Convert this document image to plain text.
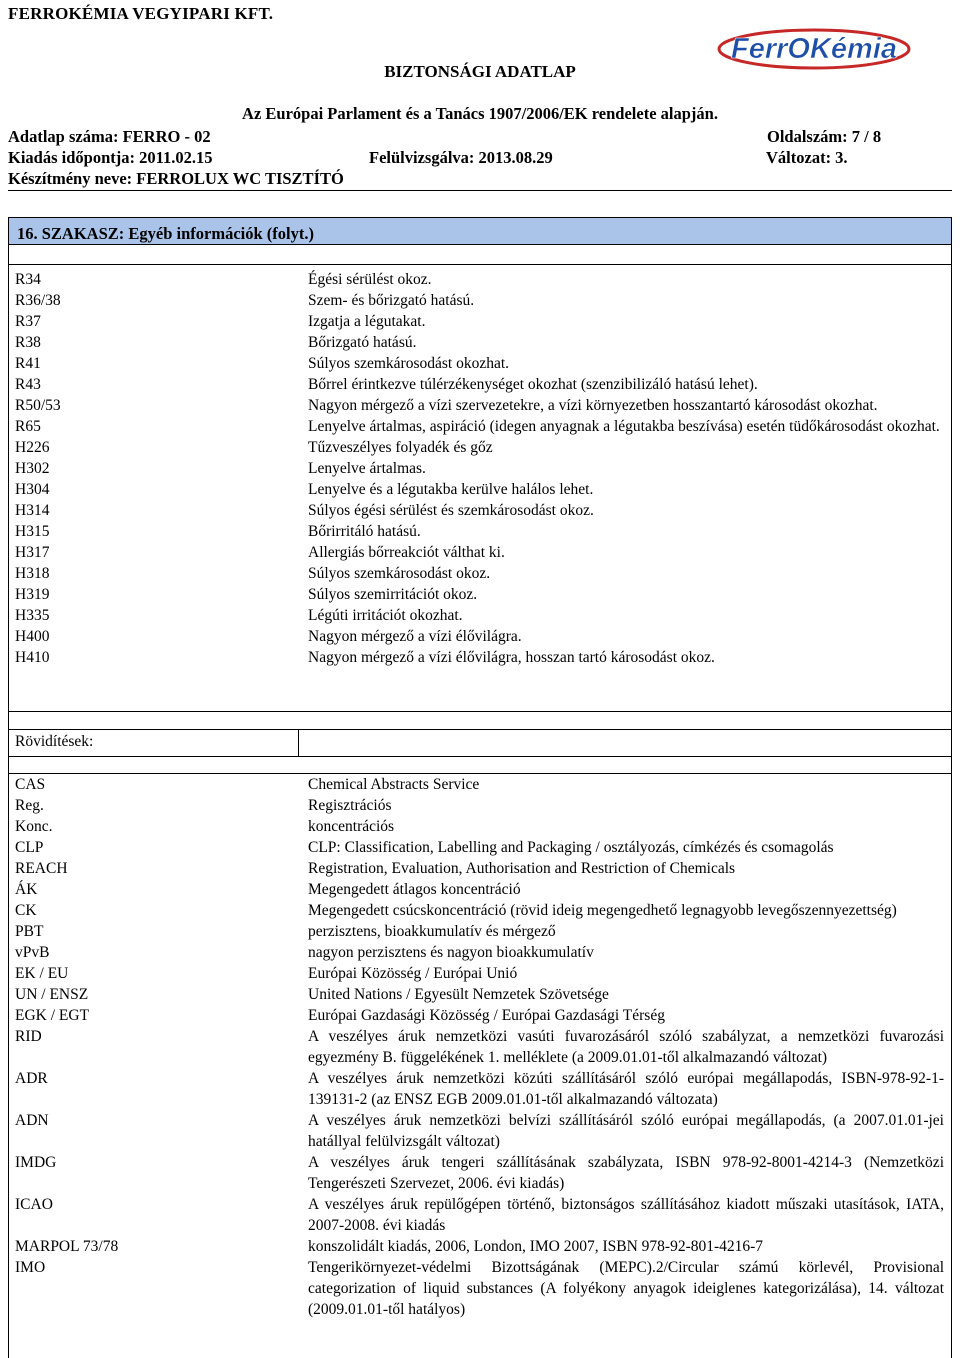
FERROKÉMIA VEGYIPARI KFT.
FerrOKémia
BIZTONSÁGI ADATLAP
Az Európai Parlament és a Tanács 1907/2006/EK rendelete alapján.
Adatlap száma: FERRO - 02	Oldalszám: 7 / 8
Kiadás időpontja: 2011.02.15	Felülvizsgálva: 2013.08.29	Változat: 3.
Készítmény neve: FERROLUX WC TISZTÍTÓ
16. SZAKASZ: Egyéb információk (folyt.)
R34	Égési sérülést okoz.
R36/38	Szem- és bőrizgató hatású.
R37	Izgatja a légutakat.
R38	Bőrizgató hatású.
R41	Súlyos szemkárosodást okozhat.
R43	Bőrrel érintkezve túlérzékenységet okozhat (szenzibilizáló hatású lehet).
R50/53	Nagyon mérgező a vízi szervezetekre, a vízi környezetben hosszantartó károsodást okozhat.
R65	Lenyelve ártalmas, aspiráció (idegen anyagnak a légutakba beszívása) esetén tüdőkárosodást okozhat.
H226	Tűzveszélyes folyadék és gőz
H302	Lenyelve ártalmas.
H304	Lenyelve és a légutakba kerülve halálos lehet.
H314	Súlyos égési sérülést és szemkárosodást okoz.
H315	Bőrirritáló hatású.
H317	Allergiás bőrreakciót válthat ki.
H318	Súlyos szemkárosodást okoz.
H319	Súlyos szemirritációt okoz.
H335	Légúti irritációt okozhat.
H400	Nagyon mérgező a vízi élővilágra.
H410	Nagyon mérgező a vízi élővilágra, hosszan tartó károsodást okoz.
Rövidítések:
CAS	Chemical Abstracts Service
Reg.	Regisztrációs
Konc.	koncentrációs
CLP	CLP: Classification, Labelling and Packaging / osztályozás, címkézés és csomagolás
REACH	Registration, Evaluation, Authorisation and Restriction of Chemicals
ÁK	Megengedett átlagos koncentráció
CK	Megengedett csúcskoncentráció (rövid ideig megengedhető legnagyobb levegőszennyezettség)
PBT	perzisztens, bioakkumulatív és mérgező
vPvB	nagyon perzisztens és nagyon bioakkumulatív
EK / EU	Európai Közösség / Európai Unió
UN / ENSZ	United Nations / Egyesült Nemzetek Szövetsége
EGK / EGT	Európai Gazdasági Közösség / Európai Gazdasági Térség
RID	A veszélyes áruk nemzetközi vasúti fuvarozásáról szóló szabályzat, a nemzetközi fuvarozási egyezmény B. függelékének 1. melléklete (a 2009.01.01-től alkalmazandó változat)
ADR	A veszélyes áruk nemzetközi közúti szállításáról szóló európai megállapodás, ISBN-978-92-1-139131-2 (az ENSZ EGB 2009.01.01-től alkalmazandó változata)
ADN	A veszélyes áruk nemzetközi belvízi szállításáról szóló európai megállapodás, (a 2007.01.01-jei hatállyal felülvizsgált változat)
IMDG	A veszélyes áruk tengeri szállításának szabályzata, ISBN 978-92-8001-4214-3 (Nemzetközi Tengerészeti Szervezet, 2006. évi kiadás)
ICAO	A veszélyes áruk repülőgépen történő, biztonságos szállításához kiadott műszaki utasítások, IATA, 2007-2008. évi kiadás
MARPOL 73/78	konszolidált kiadás, 2006, London, IMO 2007, ISBN 978-92-801-4216-7
IMO	Tengerikörnyezet-védelmi Bizottságának (MEPC).2/Circular számú körlevél, Provisional categorization of liquid substances (A folyékony anyagok ideiglenes kategorizálása), 14. változat (2009.01.01-től hatályos)
